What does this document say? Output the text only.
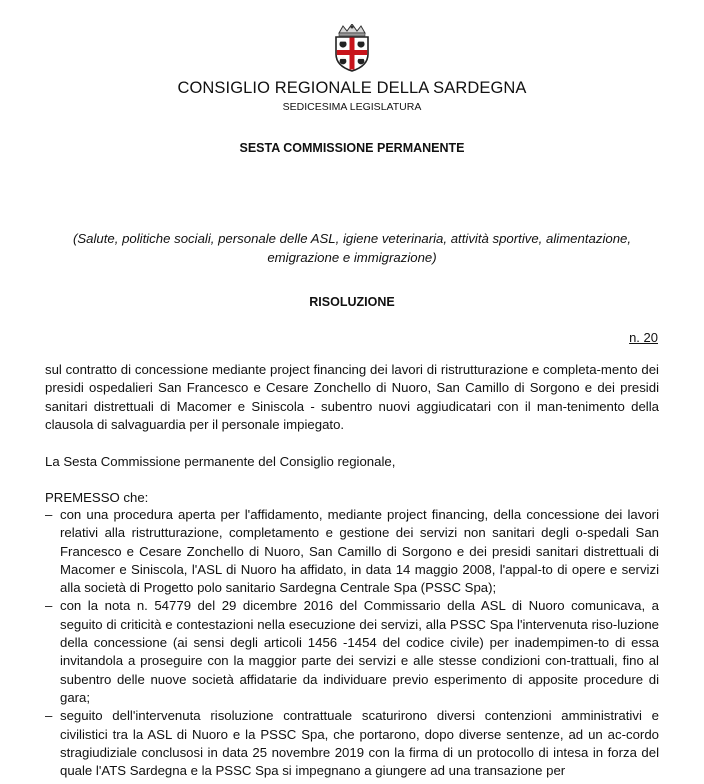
CONSIGLIO REGIONALE DELLA SARDEGNA
SEDICESIMA LEGISLATURA
SESTA COMMISSIONE PERMANENTE
(Salute, politiche sociali, personale delle ASL, igiene veterinaria, attività sportive, alimentazione,
emigrazione e immigrazione)
RISOLUZIONE
n. 20
sul contratto di concessione mediante project financing dei lavori di ristrutturazione e completa-mento dei presidi ospedalieri San Francesco e Cesare Zonchello di Nuoro, San Camillo di Sorgono e dei presidi sanitari distrettuali di Macomer e Siniscola - subentro nuovi aggiudicatari con il man-tenimento della clausola di salvaguardia per il personale impiegato.
La Sesta Commissione permanente del Consiglio regionale,
PREMESSO che:
– con una procedura aperta per l'affidamento, mediante project financing, della concessione dei lavori relativi alla ristrutturazione, completamento e gestione dei servizi non sanitari degli o-spedali San Francesco e Cesare Zonchello di Nuoro, San Camillo di Sorgono e dei presidi sanitari distrettuali di Macomer e Siniscola, l'ASL di Nuoro ha affidato, in data 14 maggio 2008, l'appal-to di opere e servizi alla società di Progetto polo sanitario Sardegna Centrale Spa (PSSC Spa);
– con la nota n. 54779 del 29 dicembre 2016 del Commissario della ASL di Nuoro comunicava, a seguito di criticità e contestazioni nella esecuzione dei servizi, alla PSSC Spa l'intervenuta riso-luzione della concessione (ai sensi degli articoli 1456 -1454 del codice civile) per inadempimen-to di essa invitandola a proseguire con la maggior parte dei servizi e alle stesse condizioni con-trattuali, fino al subentro delle nuove società affidatarie da individuare previo esperimento di apposite procedure di gara;
– seguito dell'intervenuta risoluzione contrattuale scaturirono diversi contenzioni amministrativi e civilistici tra la ASL di Nuoro e la PSSC Spa, che portarono, dopo diverse sentenze, ad un ac-cordo stragiudiziale conclusosi in data 25 novembre 2019 con la firma di un protocollo di intesa in forza del quale l'ATS Sardegna e la PSSC Spa si impegnano a giungere ad una transazione per
